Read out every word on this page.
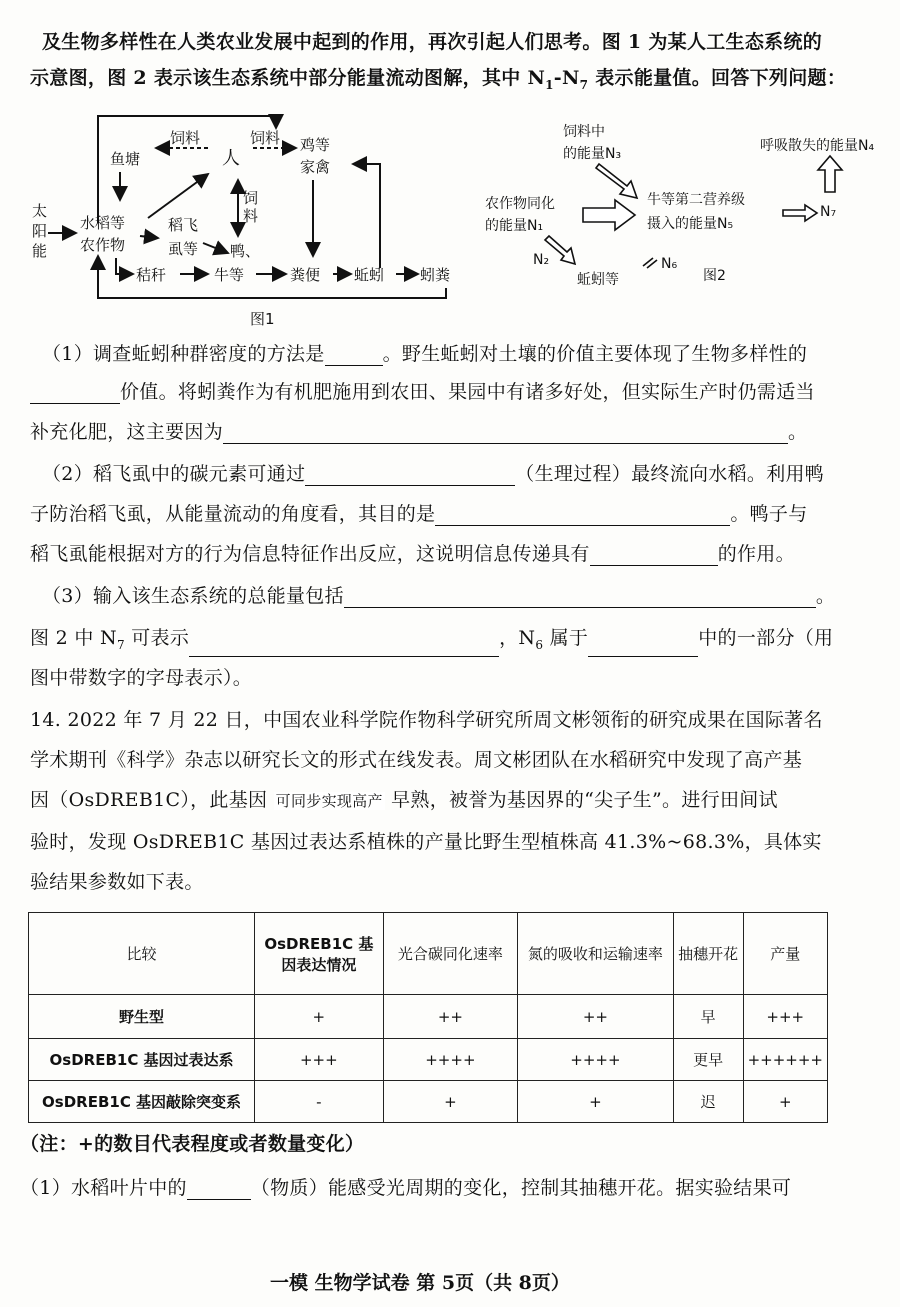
及生物多样性在人类农业发展中起到的作用，再次引起人们思考。图 1 为某人工生态系统的
示意图，图 2 表示该生态系统中部分能量流动图解，其中 $N_1-N_7$ 表示能量值。回答下列问题：
太
阳
能
水稻等
农作物
鱼塘
饲料
人
饲料 鸡等
家禽
稻飞
虱等
饲
料
鸭、
秸秆	牛等	粪便 蚯蚓 蚓粪
图1
饲料中
的能量N₃
农作物同化
的能量N₁
牛等第二营养级
摄入的能量N₅
呼吸散失的能量N₄
N₇
N₂
蚯蚓等
N₆
图2
（1）调查蚯蚓种群密度的方法是	。野生蚯蚓对土壤的价值主要体现了生物多样性的
价值。将蚓粪作为有机肥施用到农田、果园中有诸多好处，但实际生产时仍需适当
补充化肥，这主要因为	。
（2）稻飞虱中的碳元素可通过	（生理过程）最终流向水稻。利用鸭
子防治稻飞虱，从能量流动的角度看，其目的是	。鸭子与
稻飞虱能根据对方的行为信息特征作出反应，这说明信息传递具有	的作用。
（3）输入该生态系统的总能量包括	。
图 2 中 $N_7$ 可表示	，$N_6$ 属于	中的一部分（用
图中带数字的字母表示）。
14. 2022 年 7 月 22 日，中国农业科学院作物科学研究所周文彬领衔的研究成果在国际著名
学术期刊《科学》杂志以研究长文的形式在线发表。周文彬团队在水稻研究中发现了高产基
因（OsDREB1C），此基因 可同步实现高产 早熟，被誉为基因界的“尖子生”。进行田间试
验时，发现 OsDREB1C 基因过表达系植株的产量比野生型植株高 41.3%~68.3%，具体实
验结果参数如下表。
比较	OsDREB1C 基因表达情况	光合碳同化速率	氮的吸收和运输速率	抽穗开花	产量
野生型	+	++	++	早	+++
OsDREB1C 基因过表达系	+++	++++	++++	更早	++++++
OsDREB1C 基因敲除突变系	-	+	+	迟	+
（注：+的数目代表程度或者数量变化）
（1）水稻叶片中的	（物质）能感受光周期的变化，控制其抽穗开花。据实验结果可
一模 生物学试卷 第 5页（共 8页）
